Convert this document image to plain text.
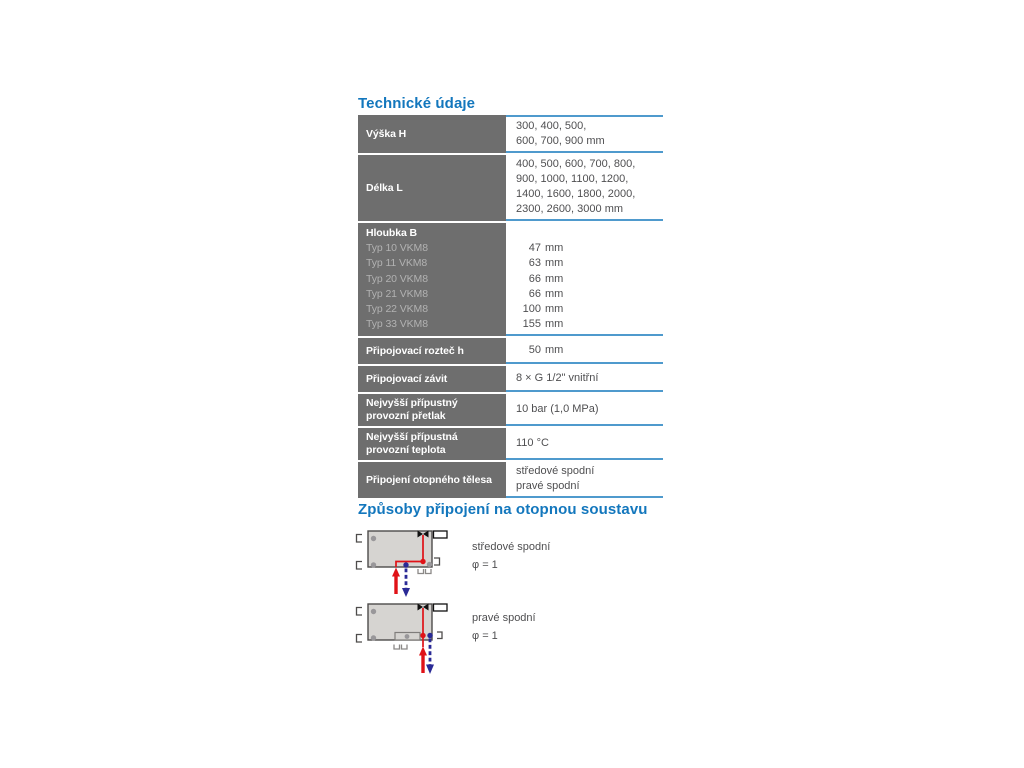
Technické údaje
Výška H
300, 400, 500,
600, 700, 900 mm
Délka L
400, 500, 600, 700, 800,
900, 1000, 1100, 1200,
1400, 1600, 1800, 2000,
2300, 2600, 3000 mm
Hloubka B
Typ 10 VKM8
Typ 11 VKM8
Typ 20 VKM8
Typ 21 VKM8
Typ 22 VKM8
Typ 33 VKM8
47 mm
63 mm
66 mm
66 mm
100 mm
155 mm
Připojovací rozteč h	50 mm
Připojovací závit	8 × G 1/2" vnitřní
Nejvyšší přípustný provozní přetlak
10 bar (1,0 MPa)
Nejvyšší přípustná provozní teplota
110 °C
Připojení otopného tělesa
středové spodní
pravé spodní
Způsoby připojení na otopnou soustavu
středové spodní
φ = 1
pravé spodní
φ = 1
